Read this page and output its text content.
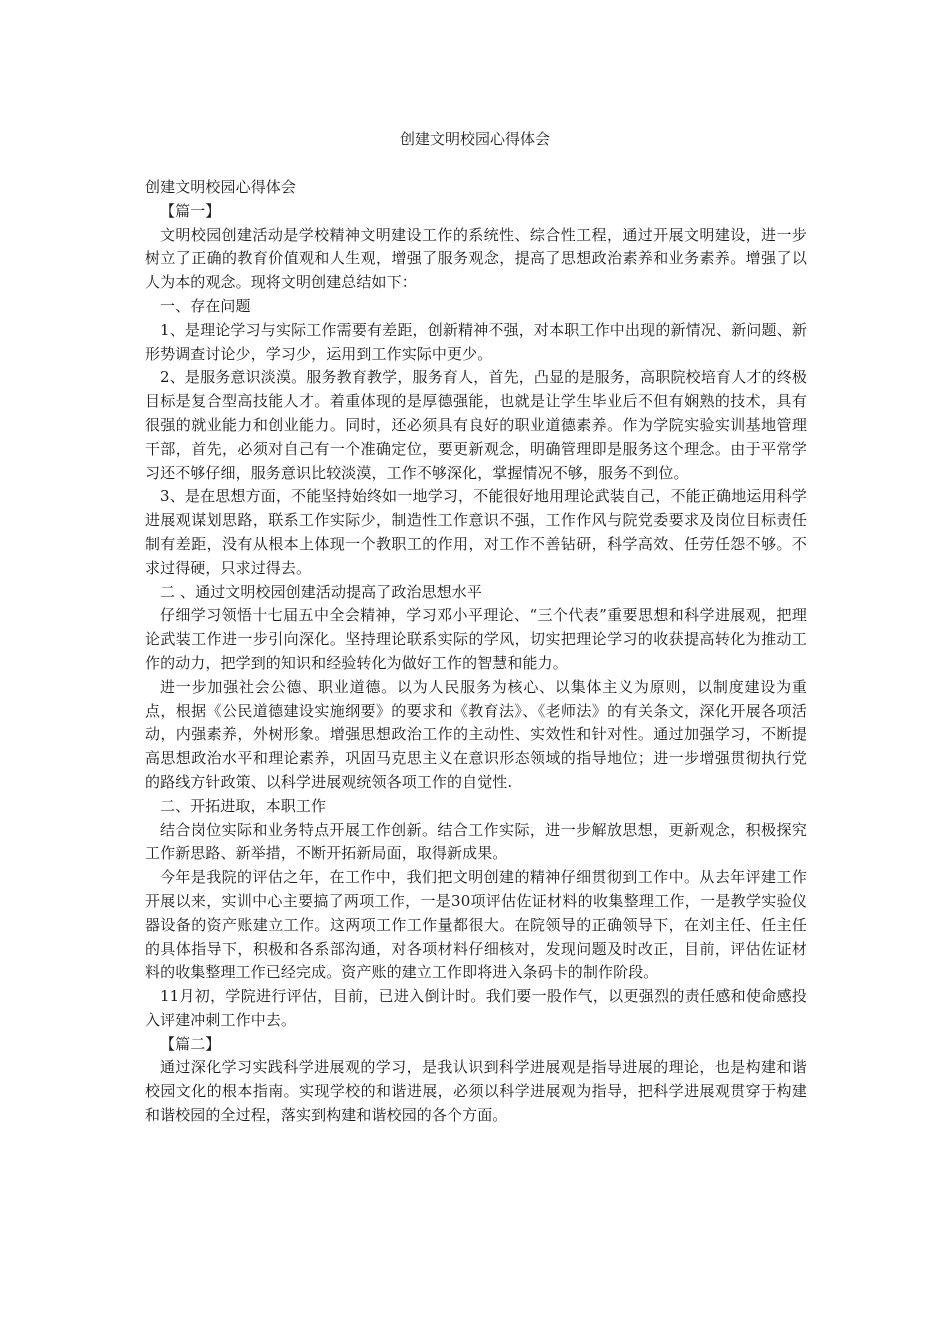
创建文明校园心得体会

创建文明校园心得体会

【篇一】

文明校园创建活动是学校精神文明建设工作的系统性、综合性工程，通过开展文明建设，进一步树立了正确的教育价值观和人生观，增强了服务观念，提高了思想政治素养和业务素养。增强了以人为本的观念。现将文明创建总结如下：

一、存在问题

1、是理论学习与实际工作需要有差距，创新精神不强，对本职工作中出现的新情况、新问题、新形势调查讨论少，学习少，运用到工作实际中更少。

2、是服务意识淡漠。服务教育教学，服务育人，首先，凸显的是服务，高职院校培育人才的终极目标是复合型高技能人才。着重体现的是厚德强能，也就是让学生毕业后不但有娴熟的技术，具有很强的就业能力和创业能力。同时，还必须具有良好的职业道德素养。作为学院实验实训基地管理干部，首先，必须对自己有一个准确定位，要更新观念，明确管理即是服务这个理念。由于平常学习还不够仔细，服务意识比较淡漠，工作不够深化，掌握情况不够，服务不到位。

3、是在思想方面，不能坚持始终如一地学习，不能很好地用理论武装自己，不能正确地运用科学进展观谋划思路，联系工作实际少，制造性工作意识不强，工作作风与院党委要求及岗位目标责任制有差距，没有从根本上体现一个教职工的作用，对工作不善钻研，科学高效、任劳任怨不够。不求过得硬，只求过得去。

二 、通过文明校园创建活动提高了政治思想水平

仔细学习领悟十七届五中全会精神，学习邓小平理论、“三个代表”重要思想和科学进展观，把理论武装工作进一步引向深化。坚持理论联系实际的学风，切实把理论学习的收获提高转化为推动工作的动力，把学到的知识和经验转化为做好工作的智慧和能力。

进一步加强社会公德、职业道德。以为人民服务为核心、以集体主义为原则，以制度建设为重点，根据《公民道德建设实施纲要》的要求和《教育法》、《老师法》的有关条文，深化开展各项活动，内强素养，外树形象。增强思想政治工作的主动性、实效性和针对性。通过加强学习，不断提高思想政治水平和理论素养，巩固马克思主义在意识形态领域的指导地位；进一步增强贯彻执行党的路线方针政策、以科学进展观统领各项工作的自觉性.

二、开拓进取，本职工作

结合岗位实际和业务特点开展工作创新。结合工作实际，进一步解放思想，更新观念，积极探究工作新思路、新举措，不断开拓新局面，取得新成果。

今年是我院的评估之年，在工作中，我们把文明创建的精神仔细贯彻到工作中。从去年评建工作开展以来，实训中心主要搞了两项工作，一是30项评估佐证材料的收集整理工作，一是教学实验仪器设备的资产账建立工作。这两项工作工作量都很大。在院领导的正确领导下，在刘主任、任主任的具体指导下，积极和各系部沟通，对各项材料仔细核对，发现问题及时改正，目前，评估佐证材料的收集整理工作已经完成。资产账的建立工作即将进入条码卡的制作阶段。

11月初，学院进行评估，目前，已进入倒计时。我们要一股作气，以更强烈的责任感和使命感投入评建冲刺工作中去。

【篇二】

通过深化学习实践科学进展观的学习，是我认识到科学进展观是指导进展的理论，也是构建和谐校园文化的根本指南。实现学校的和谐进展，必须以科学进展观为指导，把科学进展观贯穿于构建和谐校园的全过程，落实到构建和谐校园的各个方面。
